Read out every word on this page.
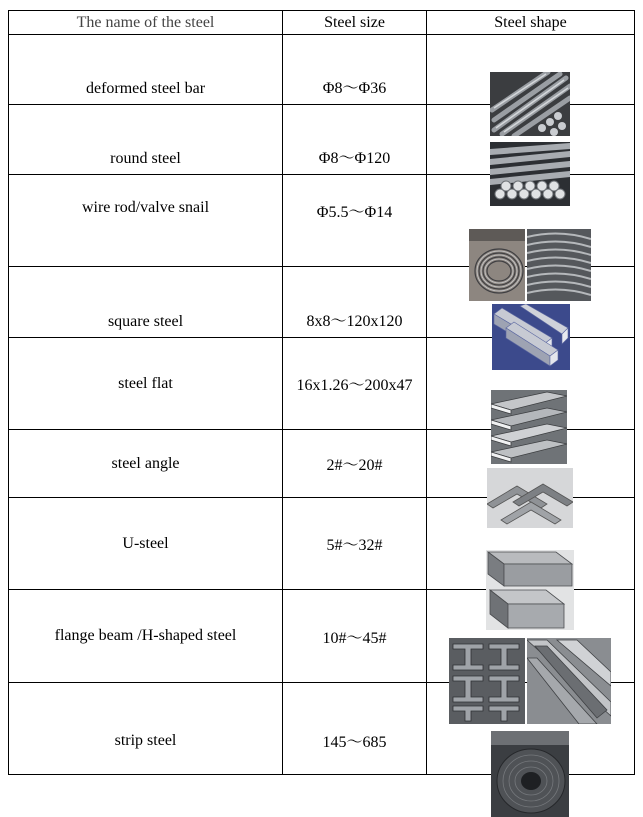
The name of the steel	Steel size	Steel shape

deformed steel bar	Φ8～Φ36

round steel	Φ8～Φ120

wire rod/valve snail	Φ5.5～Φ14

square steel	8x8～120x120

steel flat	16x1.26～200x47

steel angle	2#～20#

U-steel	5#～32#

flange beam /H-shaped steel	10#～45#

strip steel	145～685
